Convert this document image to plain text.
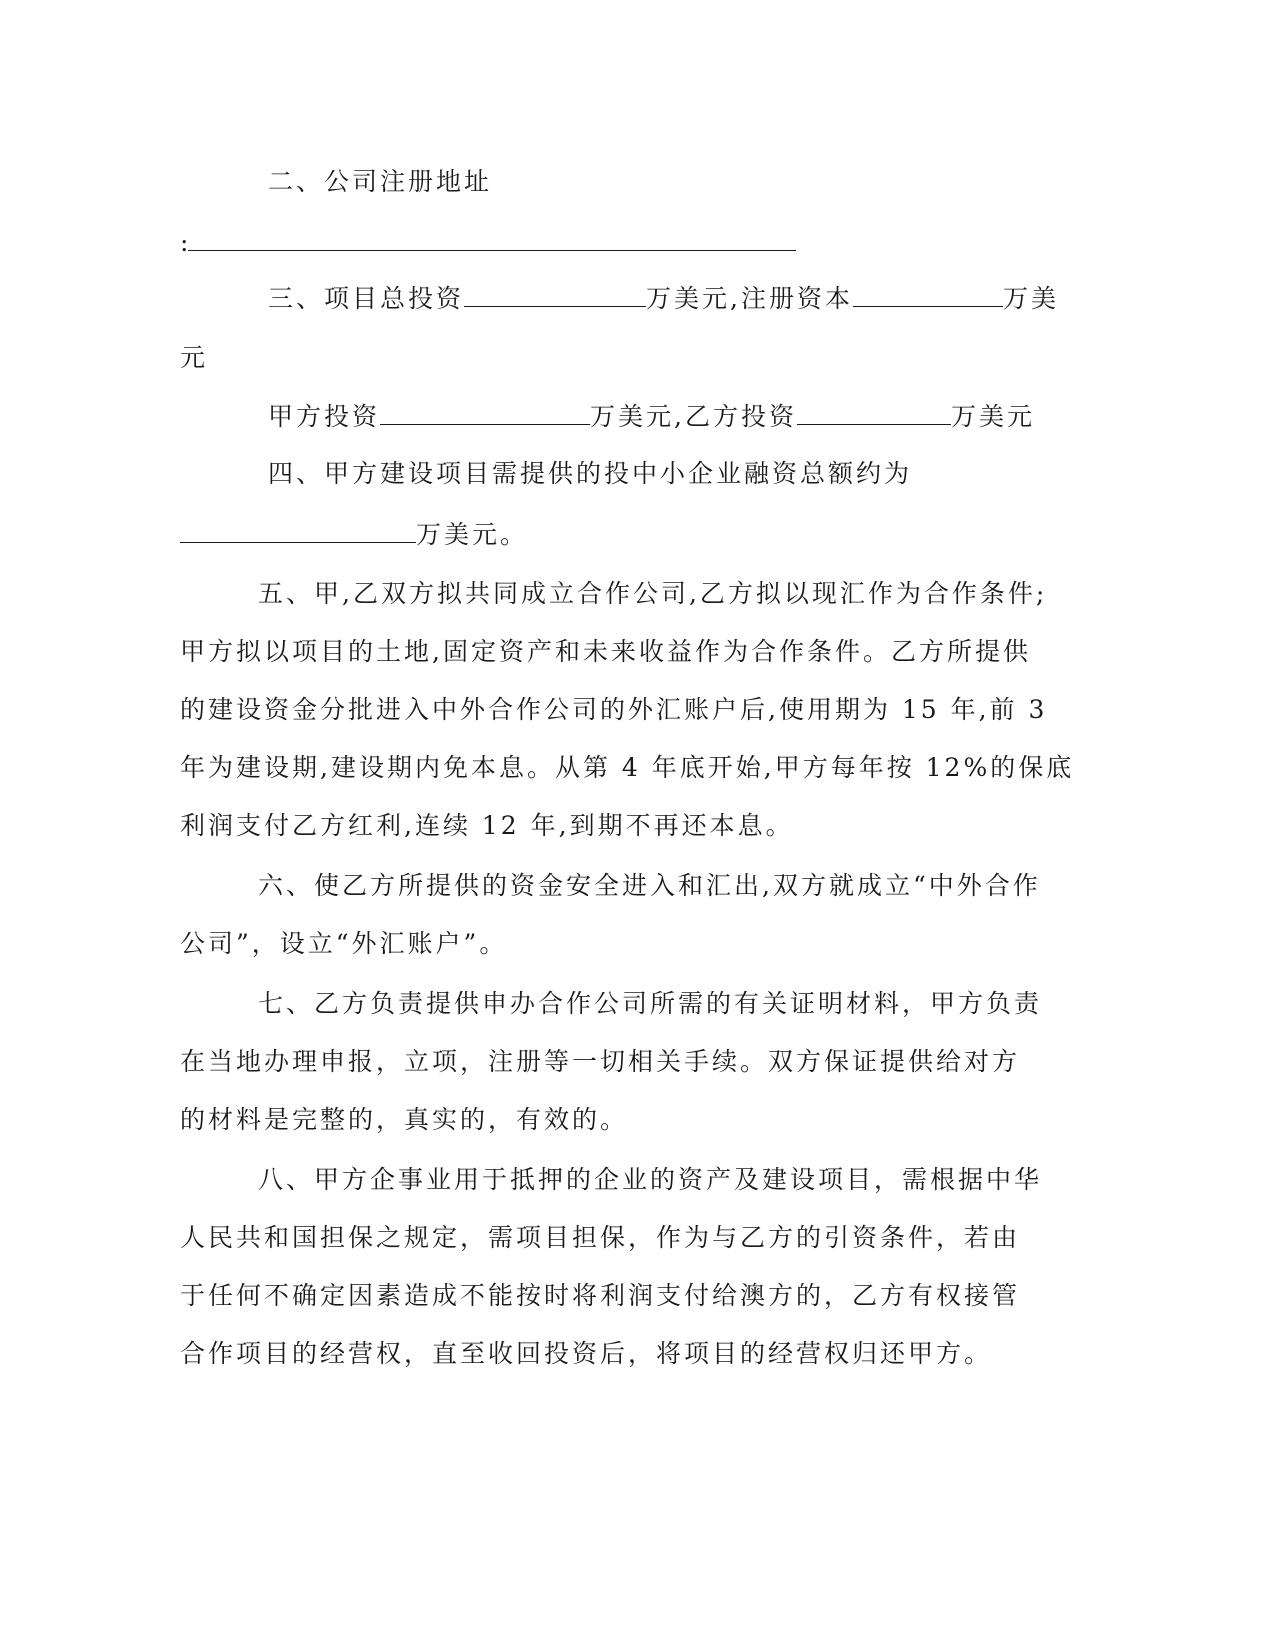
二、公司注册地址
:
三、项目总投资	万美元,注册资本	万美
元
甲方投资	万美元,乙方投资	万美元
四、甲方建设项目需提供的投中小企业融资总额约为
万美元。
五、甲,乙双方拟共同成立合作公司,乙方拟以现汇作为合作条件;
甲方拟以项目的土地,固定资产和未来收益作为合作条件。乙方所提供
的建设资金分批进入中外合作公司的外汇账户后,使用期为 15 年,前 3
年为建设期,建设期内免本息。从第 4 年底开始,甲方每年按 12%的保底
利润支付乙方红利,连续 12 年,到期不再还本息。
六、使乙方所提供的资金安全进入和汇出,双方就成立“中外合作
公司”，设立“外汇账户”。
七、乙方负责提供申办合作公司所需的有关证明材料，甲方负责
在当地办理申报，立项，注册等一切相关手续。双方保证提供给对方
的材料是完整的，真实的，有效的。
八、甲方企事业用于抵押的企业的资产及建设项目，需根据中华
人民共和国担保之规定，需项目担保，作为与乙方的引资条件，若由
于任何不确定因素造成不能按时将利润支付给澳方的，乙方有权接管
合作项目的经营权，直至收回投资后，将项目的经营权归还甲方。
